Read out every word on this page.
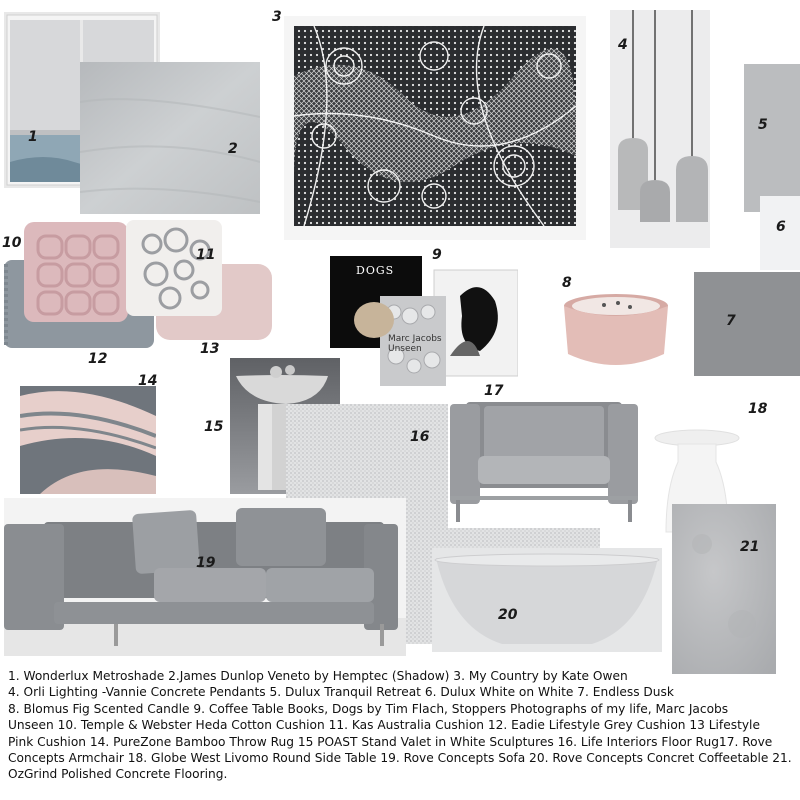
1
2
3
4
5
6
7
10
11
12
13
DOGS
Marc Jacobs Unseen
9
8
14
15
16
17
18
21
19
20
1. Wonderlux Metroshade 2.James Dunlop Veneto by Hemptec (Shadow) 3. My Country by Kate Owen
4. Orli Lighting -Vannie Concrete Pendants 5. Dulux Tranquil Retreat 6. Dulux White on White 7. Endless Dusk
8. Blomus Fig Scented Candle 9. Coffee Table Books, Dogs by Tim Flach, Stoppers Photographs of my life, Marc Jacobs
Unseen 10. Temple & Webster Heda Cotton Cushion 11. Kas Australia Cushion 12. Eadie Lifestyle Grey Cushion 13 Lifestyle
Pink Cushion 14. PureZone Bamboo Throw Rug 15 POAST Stand Valet in White Sculptures 16. Life Interiors Floor Rug17. Rove
Concepts Armchair 18. Globe West Livomo Round Side Table 19. Rove Concepts Sofa 20. Rove Concepts Concret Coffeetable 21.
OzGrind Polished Concrete Flooring.
